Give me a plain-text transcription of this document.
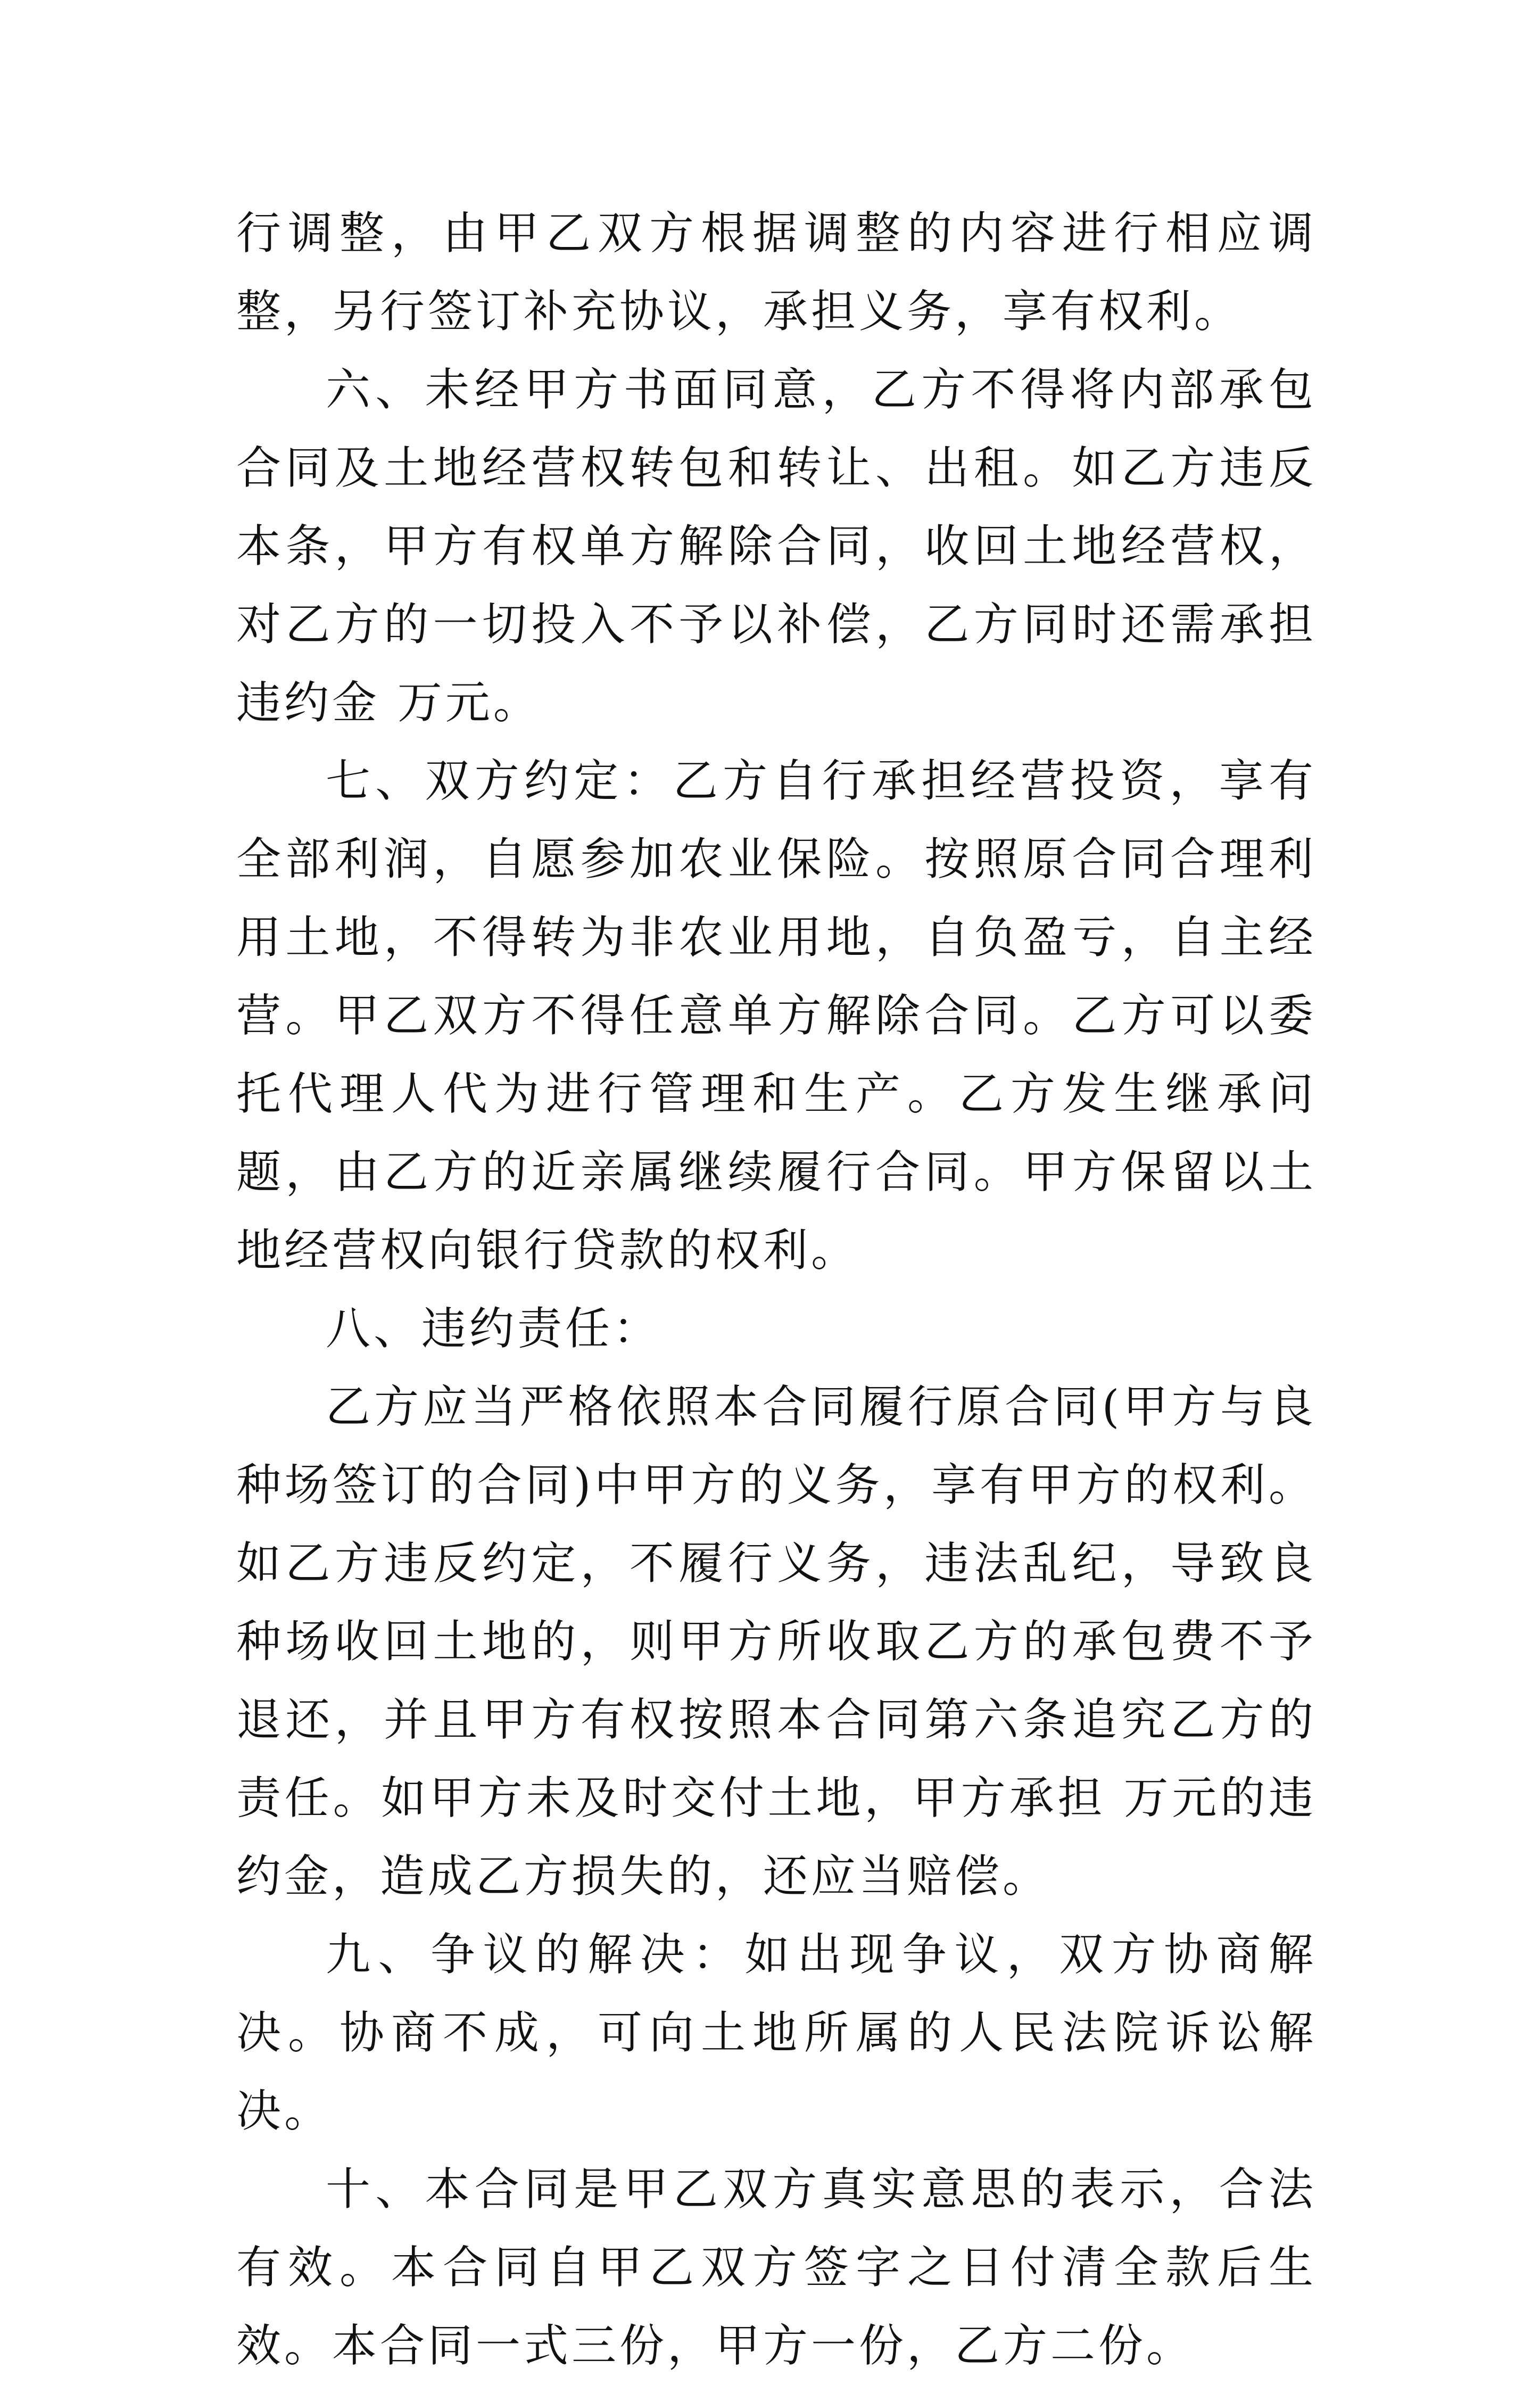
行调整，由甲乙双方根据调整的内容进行相应调整，另行签订补充协议，承担义务，享有权利。

六、未经甲方书面同意，乙方不得将内部承包合同及土地经营权转包和转让、出租。如乙方违反本条，甲方有权单方解除合同，收回土地经营权，对乙方的一切投入不予以补偿，乙方同时还需承担违约金 万元。

七、双方约定：乙方自行承担经营投资，享有全部利润，自愿参加农业保险。按照原合同合理利用土地，不得转为非农业用地，自负盈亏，自主经营。甲乙双方不得任意单方解除合同。乙方可以委托代理人代为进行管理和生产。乙方发生继承问题，由乙方的近亲属继续履行合同。甲方保留以土地经营权向银行贷款的权利。

八、违约责任：

乙方应当严格依照本合同履行原合同(甲方与良种场签订的合同)中甲方的义务，享有甲方的权利。如乙方违反约定，不履行义务，违法乱纪，导致良种场收回土地的，则甲方所收取乙方的承包费不予退还，并且甲方有权按照本合同第六条追究乙方的责任。如甲方未及时交付土地，甲方承担 万元的违约金，造成乙方损失的，还应当赔偿。

九、争议的解决：如出现争议，双方协商解决。协商不成，可向土地所属的人民法院诉讼解决。

十、本合同是甲乙双方真实意思的表示，合法有效。本合同自甲乙双方签字之日付清全款后生效。本合同一式三份，甲方一份，乙方二份。
